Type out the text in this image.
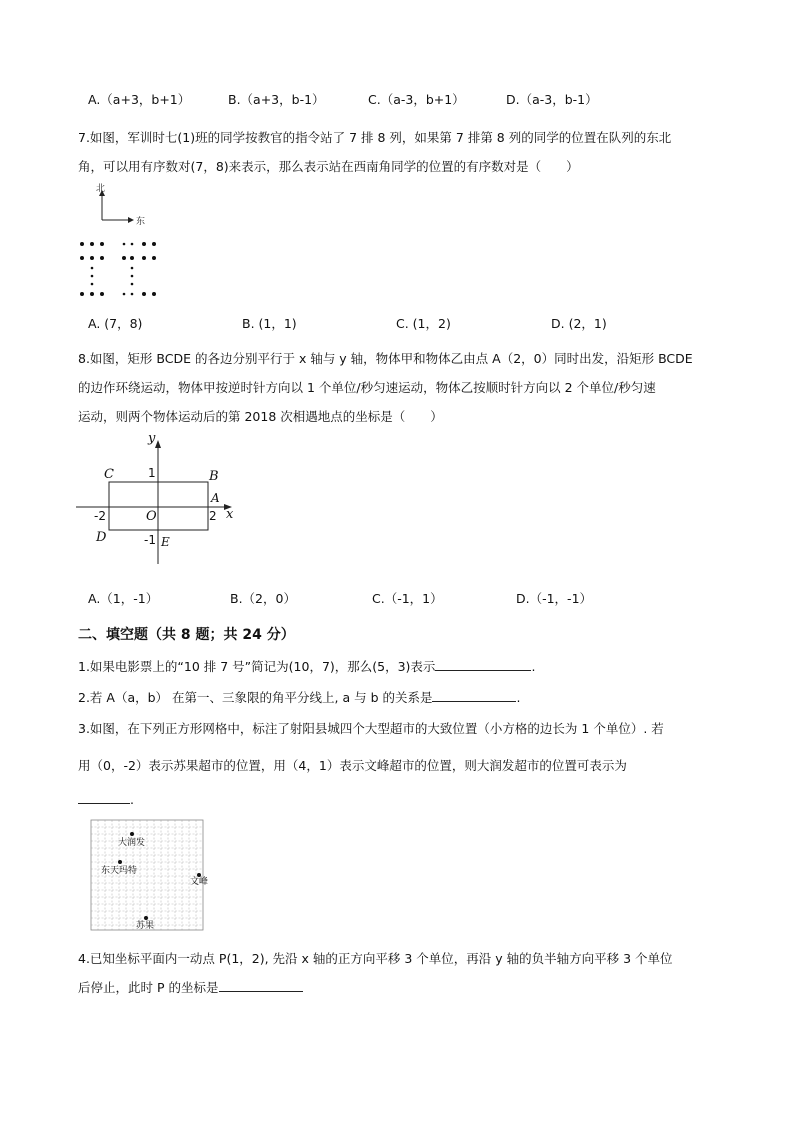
A.（a+3，b+1）	B.（a+3，b-1）	C.（a-3，b+1）	D.（a-3，b-1）
7.如图，军训时七(1)班的同学按教官的指令站了 7 排 8 列，如果第 7 排第 8 列的同学的位置在队列的东北
角，可以用有序数对(7，8)来表示，那么表示站在西南角同学的位置的有序数对是（　　）
北
东
A. (7，8)	B. (1，1)	C. (1，2)	D. (2，1)
8.如图，矩形 BCDE 的各边分别平行于 x 轴与 y 轴，物体甲和物体乙由点 A（2，0）同时出发，沿矩形 BCDE
的边作环绕运动，物体甲按逆时针方向以 1 个单位/秒匀速运动，物体乙按顺时针方向以 2 个单位/秒匀速
运动，则两个物体运动后的第 2018 次相遇地点的坐标是（　　）
y
x
C	B
A
D	E
O
1
-1
2
-2
A.（1，-1）	B.（2，0）	C.（-1，1）	D.（-1，-1）
二、填空题（共 8 题；共 24 分）
1.如果电影票上的“10 排 7 号”简记为(10，7)，那么(5，3)表示	.
2.若 A（a，b） 在第一、三象限的角平分线上, a 与 b 的关系是	.
3.如图，在下列正方形网格中，标注了射阳县城四个大型超市的大致位置（小方格的边长为 1 个单位）. 若
用（0，-2）表示苏果超市的位置，用（4，1）表示文峰超市的位置，则大润发超市的位置可表示为
.
大润发
东天玛特
文峰
苏果
4.已知坐标平面内一动点 P(1，2), 先沿 x 轴的正方向平移 3 个单位，再沿 y 轴的负半轴方向平移 3 个单位
后停止，此时 P 的坐标是
